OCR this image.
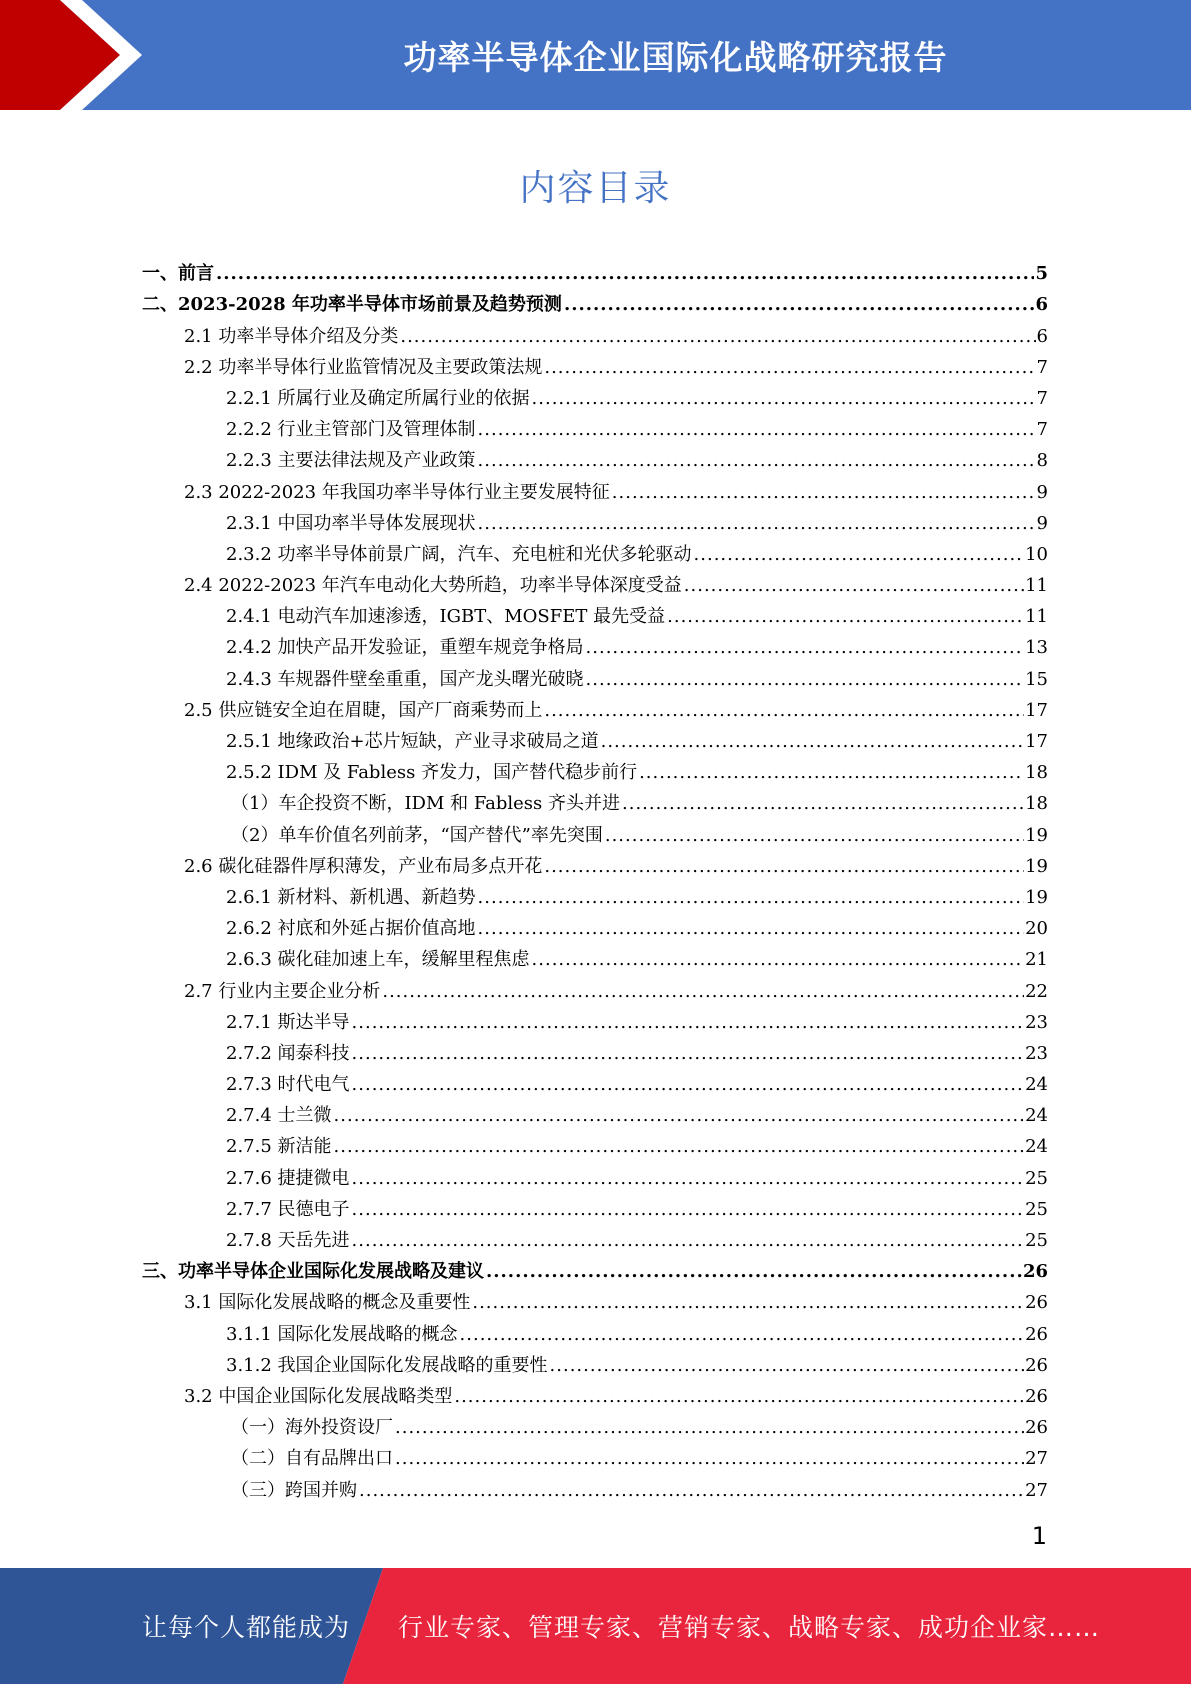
功率半导体企业国际化战略研究报告
内容目录
一、前言 .....	5
二、2023-2028 年功率半导体市场前景及趋势预测 .....	6
2.1 功率半导体介绍及分类 .....	6
2.2 功率半导体行业监管情况及主要政策法规 .....	7
2.2.1 所属行业及确定所属行业的依据 .....	7
2.2.2 行业主管部门及管理体制 .....	7
2.2.3 主要法律法规及产业政策 .....	8
2.3 2022-2023 年我国功率半导体行业主要发展特征 .....	9
2.3.1 中国功率半导体发展现状 .....	9
2.3.2 功率半导体前景广阔，汽车、充电桩和光伏多轮驱动 .....	10
2.4 2022-2023 年汽车电动化大势所趋，功率半导体深度受益 .....	11
2.4.1 电动汽车加速渗透，IGBT、MOSFET 最先受益 .....	11
2.4.2 加快产品开发验证，重塑车规竞争格局 .....	13
2.4.3 车规器件壁垒重重，国产龙头曙光破晓 .....	15
2.5 供应链安全迫在眉睫，国产厂商乘势而上 .....	17
2.5.1 地缘政治+芯片短缺，产业寻求破局之道 .....	17
2.5.2 IDM 及 Fabless 齐发力，国产替代稳步前行 .....	18
（1）车企投资不断，IDM 和 Fabless 齐头并进 .....	18
（2）单车价值名列前茅，“国产替代”率先突围 .....	19
2.6 碳化硅器件厚积薄发，产业布局多点开花 .....	19
2.6.1 新材料、新机遇、新趋势 .....	19
2.6.2 衬底和外延占据价值高地 .....	20
2.6.3 碳化硅加速上车，缓解里程焦虑 .....	21
2.7 行业内主要企业分析 .....	22
2.7.1 斯达半导 .....	23
2.7.2 闻泰科技 .....	23
2.7.3 时代电气 .....	24
2.7.4 士兰微 .....	24
2.7.5 新洁能 .....	24
2.7.6 捷捷微电 .....	25
2.7.7 民德电子 .....	25
2.7.8 天岳先进 .....	25
三、功率半导体企业国际化发展战略及建议 .....	26
3.1 国际化发展战略的概念及重要性 .....	26
3.1.1 国际化发展战略的概念 .....	26
3.1.2 我国企业国际化发展战略的重要性 .....	26
3.2 中国企业国际化发展战略类型 .....	26
（一）海外投资设厂 .....	26
（二）自有品牌出口 .....	27
（三）跨国并购 .....	27
1
让每个人都能成为 行业专家、管理专家、营销专家、战略专家、成功企业家……
